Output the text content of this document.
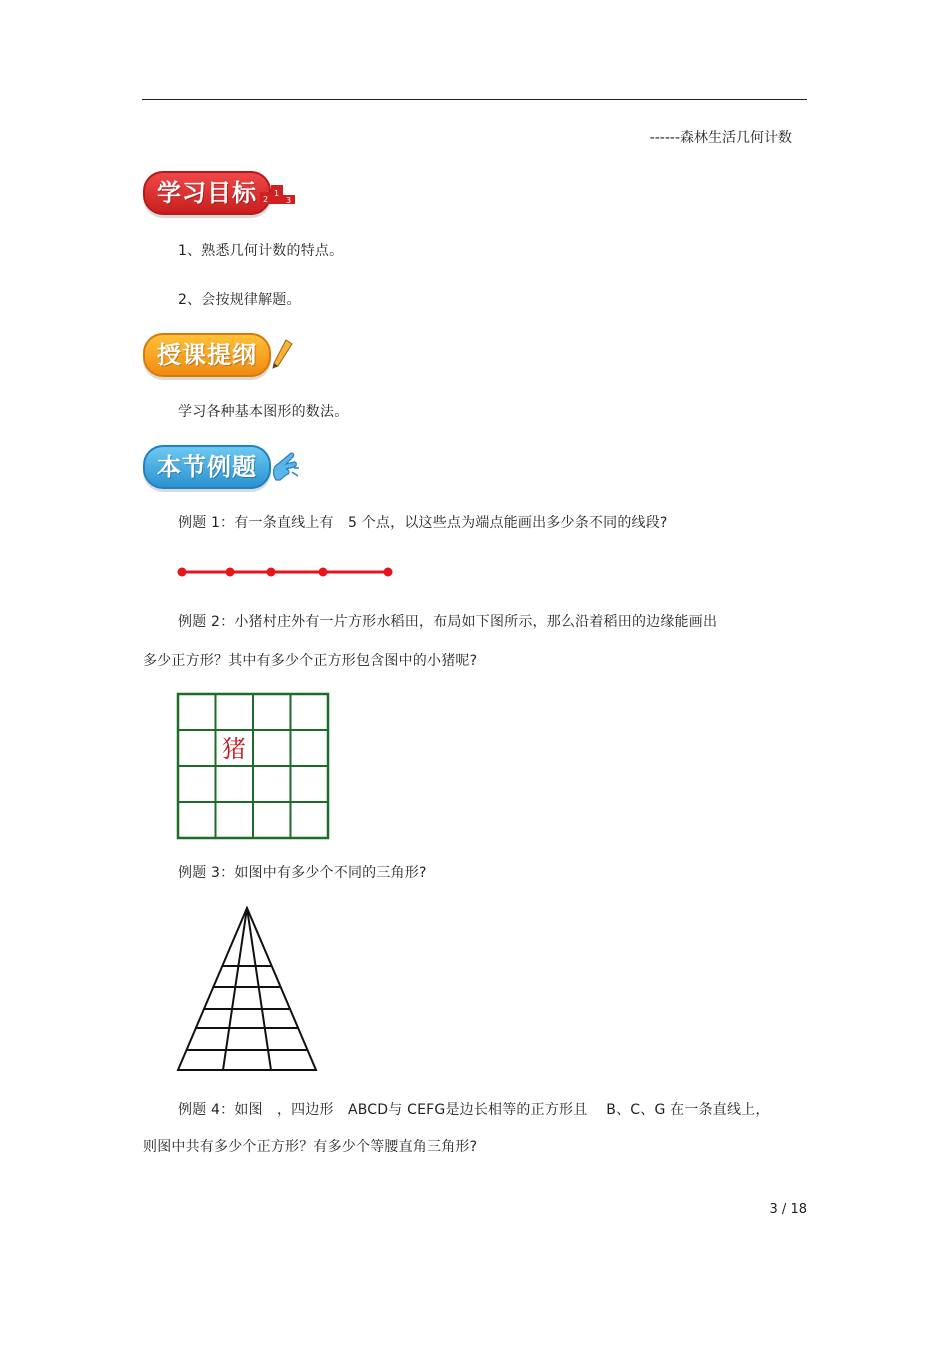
------森林生活几何计数
学习目标 2
1
3
1、熟悉几何计数的特点。
2、会按规律解题。
授课提纲
学习各种基本图形的数法。
本节例题
例题 1：有一条直线上有　5 个点，以这些点为端点能画出多少条不同的线段?
例题 2：小猪村庄外有一片方形水稻田，布局如下图所示，那么沿着稻田的边缘能画出
多少正方形？其中有多少个正方形包含图中的小猪呢?
猪
例题 3：如图中有多少个不同的三角形?
例题 4：如图　，四边形　ABCD与 CEFG是边长相等的正方形且　 B、C、G 在一条直线上，
则图中共有多少个正方形？有多少个等腰直角三角形?
3 / 18
